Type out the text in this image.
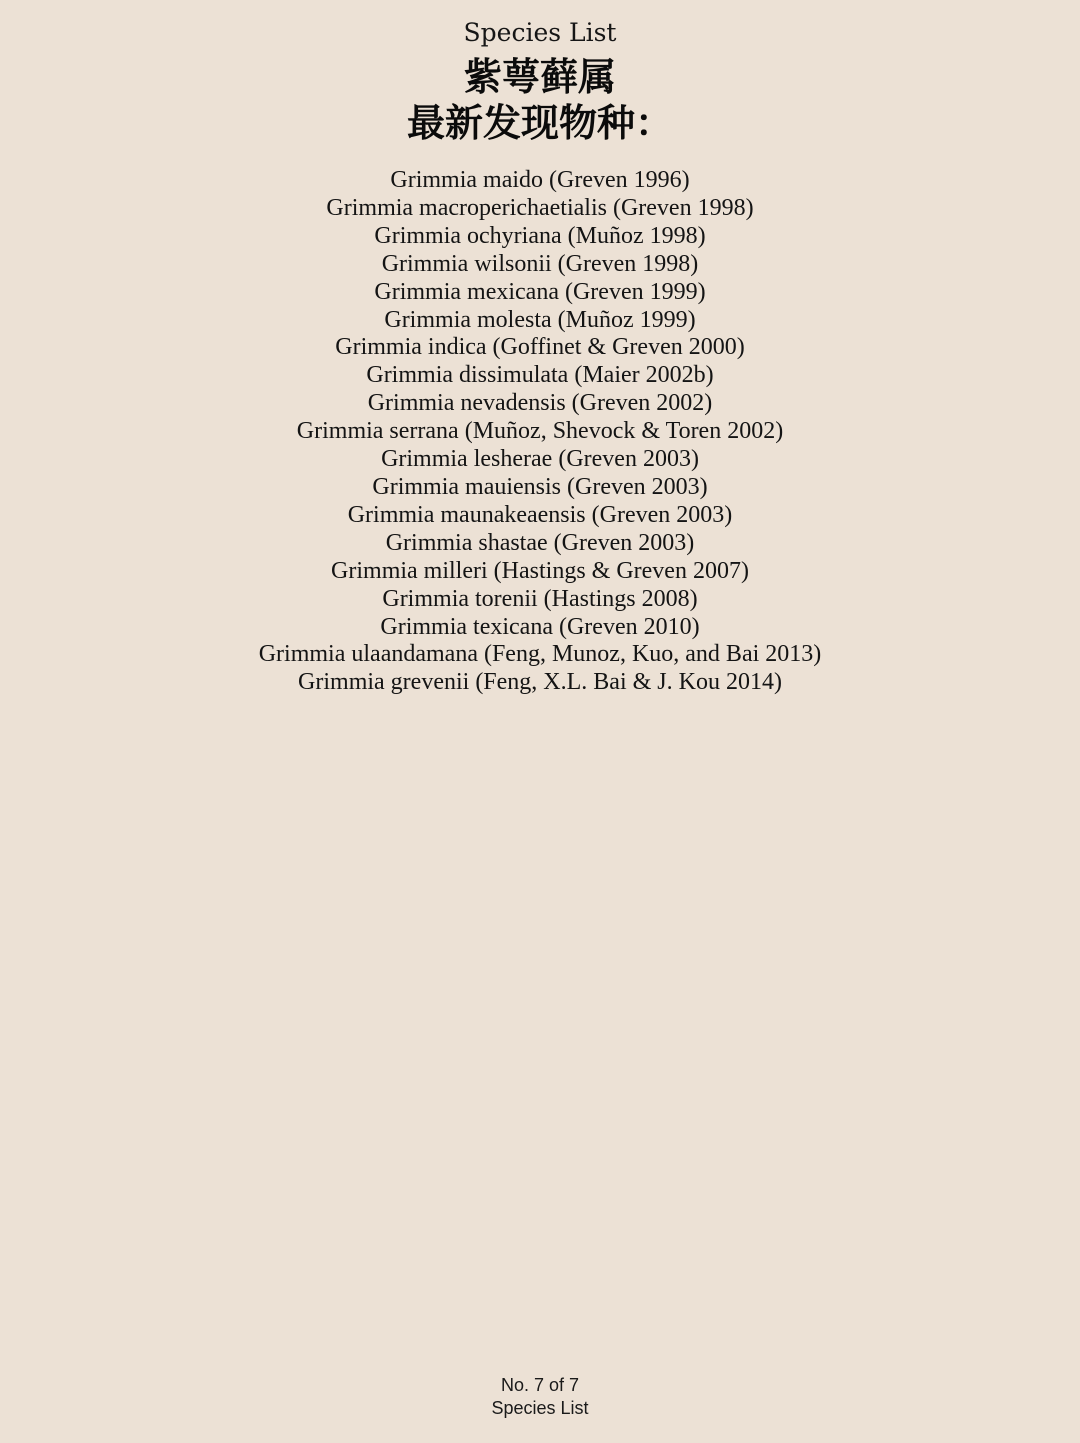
Species List
紫萼藓属
最新发现物种：
Grimmia maido (Greven 1996)
Grimmia macroperichaetialis (Greven 1998)
Grimmia ochyriana (Muñoz 1998)
Grimmia wilsonii (Greven 1998)
Grimmia mexicana (Greven 1999)
Grimmia molesta (Muñoz 1999)
Grimmia indica (Goffinet & Greven 2000)
Grimmia dissimulata (Maier 2002b)
Grimmia nevadensis (Greven 2002)
Grimmia serrana (Muñoz, Shevock & Toren 2002)
Grimmia lesherae (Greven 2003)
Grimmia mauiensis (Greven 2003)
Grimmia maunakeaensis (Greven 2003)
Grimmia shastae (Greven 2003)
Grimmia milleri (Hastings & Greven 2007)
Grimmia torenii (Hastings 2008)
Grimmia texicana (Greven 2010)
Grimmia ulaandamana (Feng, Munoz, Kuo, and Bai 2013)
Grimmia grevenii (Feng, X.L. Bai & J. Kou 2014)
No. 7 of 7
Species List
